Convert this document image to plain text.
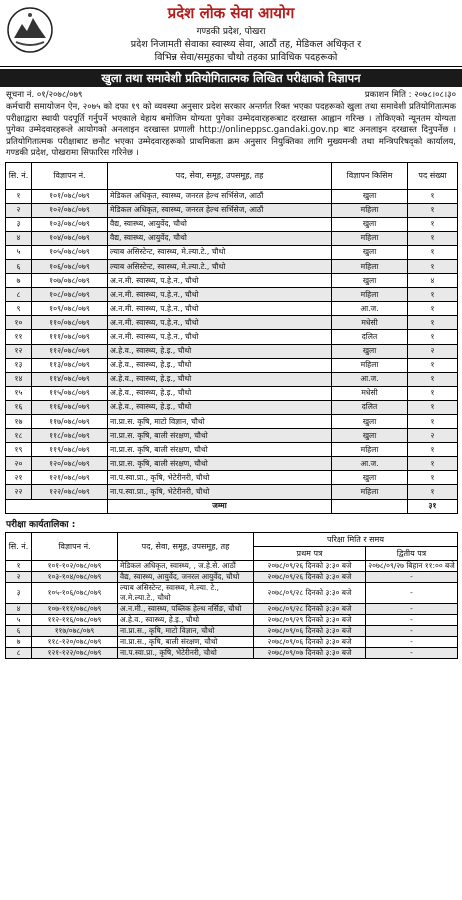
प्रदेश लोक सेवा आयोग
गण्डकी प्रदेश, पोखरा
प्रदेश निजामती सेवाका स्वास्थ्य सेवा, आठौं तह, मेडिकल अधिकृत र
विभिन्न सेवा/समूहका चौथो तहका प्राविधिक पदहरूको
खुला तथा समावेशी प्रतियोगितात्मक लिखित परीक्षाको विज्ञापन
सूचना नं. ०१/२०७८/०७९	प्रकाशन मिति : २०७८।०८।३०
कर्मचारी समायोजन ऐन, २०७५ को दफा १९ को व्यवस्था अनुसार प्रदेश सरकार अन्तर्गत रिक्त भएका पदहरूको खुला तथा समावेशी प्रतियोगितात्मक परीक्षाद्वारा स्थायी पदपूर्ति गर्नुपर्ने भएकाले वेहाय बमोजिम योग्यता पुगेका उम्मेदवारहरूबाट दरखास्त आह्वान गरिन्छ । तोकिएको न्यूनतम योग्यता पुगेका उम्मेदवारहरूले आयोगको अनलाइन दरखास्त प्रणाली http://onlineppsc.gandaki.gov.np बाट अनलाइन दरखास्त दिनुपर्नेछ । प्रतियोगितात्मक परीक्षाबाट छनौट भएका उम्मेदवारहरूको प्राथमिकता क्रम अनुसार नियुक्तिका लागि मुख्यमन्त्री तथा मन्त्रिपरिषद्को कार्यालय, गण्डकी प्रदेश, पोखरामा सिफारिस गरिनेछ ।
सि. नं.	विज्ञापन नं.	पद, सेवा, समूह, उपसमूह, तह	विज्ञापन किसिम	पद संख्या
१	१०१/०७८/०७९	मेडिकल अधिकृत, स्वास्थ्य, जनरल हेल्थ सर्भिसेज, आठौं	खुला	१
२	१०२/०७८/०७९	मेडिकल अधिकृत, स्वास्थ्य, जनरल हेल्थ सर्भिसेज, आठौं	महिला	१
३	१०३/०७८/०७९	वैद्य, स्वास्थ्य, आयुर्वेद, चौथो	खुला	१
४	१०४/०७८/०७९	वैद्य, स्वास्थ्य, आयुर्वेद, चौथो	महिला	१
५	१०५/०७८/०७९	ल्याब असिस्टेन्ट, स्वास्थ्य, मे.ल्या.टे., चौथो	खुला	१
६	१०६/०७८/०७९	ल्याब असिस्टेन्ट, स्वास्थ्य, मे.ल्या.टे., चौथो	महिला	१
७	१०७/०७८/०७९	अ.न.मी. स्वास्थ्य, प.हे.न., चौथो	खुला	४
८	१०८/०७८/०७९	अ.न.मी. स्वास्थ्य, प.हे.न., चौथो	महिला	१
९	१०९/०७८/०७९	अ.न.मी. स्वास्थ्य, प.हे.न., चौथो	आ.ज.	१
१०	११०/०७८/०७९	अ.न.मी. स्वास्थ्य, प.हे.न., चौथो	मधेसी	१
११	१११/०७८/०७९	अ.न.मी. स्वास्थ्य, प.हे.न., चौथो	दलित	१
१२	११२/०७८/०७९	अ.हे.व., स्वास्थ्य, हे.इ., चौथो	खुला	२
१३	११३/०७८/०७९	अ.हे.व., स्वास्थ्य, हे.इ., चौथो	महिला	१
१४	११४/०७८/०७९	अ.हे.व., स्वास्थ्य, हे.इ., चौथो	आ.ज.	१
१५	११५/०७८/०७९	अ.हे.व., स्वास्थ्य, हे.इ., चौथो	मधेसी	१
१६	११६/०७८/०७९	अ.हे.व., स्वास्थ्य, हे.इ., चौथो	दलित	१
१७	११७/०७८/०७९	ना.प्रा.स. कृषि, माटो विज्ञान, चौथो	खुला	१
१८	११८/०७८/०७९	ना.प्रा.स. कृषि, बाली संरक्षण, चौथो	खुला	२
१९	११९/०७८/०७९	ना.प्रा.स. कृषि, बाली संरक्षण, चौथो	महिला	१
२०	१२०/०७८/०७९	ना.प्रा.स. कृषि, बाली संरक्षण, चौथो	आ.ज.	१
२१	१२१/०७८/०७९	ना.प.स्वा.प्रा., कृषि, भेटेरीनरी, चौथो	खुला	१
२२	१२२/०७८/०७९	ना.प.स्वा.प्रा., कृषि, भेटेरीनरी, चौथो	महिला	१
		जम्मा		३१
परीक्षा कार्यतालिका :
सि. नं.	विज्ञापन नं.	पद, सेवा, समूह, उपसमूह, तह	परिक्षा मिति र समय	
			प्रथम पत्र	द्वितीय पत्र
१	१०१-१०२/०७८/०७९	मेडिकल अधिकृत, स्वास्थ्य, , ज.हे.से. आठौं	२०७८/०९/२६ दिनको ३:३० बजे	२०७८/०९/२७ बिहान ११:०० बजे
२	१०३-१०४/०७८/०७९	वैद्य, स्वास्थ्य, आयुर्वेद, जनरल आयुर्वेद, चौथो	२०७८/०९/२६ दिनको ३:३० बजे	-
३	१०५-१०६/०७८/०७९	ल्याब असिस्टेन्ट, स्वास्थ्य, मे.ल्या. टे., ज.मे.ल्या.टे., चौथो	२०७८/०९/२८ दिनको ३:३० बजे	-
४	१०७-१११/०७८/०७९	अ.न.मी., स्वास्थ्य, पब्लिक हेल्थ नर्सिङ, चौथो	२०७८/०९/२८ दिनको ३:३० बजे	-
५	११२-११६/०७८/०७९	अ.हे.व., स्वास्थ्य, हे.इ., चौथो	२०७८/०९/२९ दिनको ३:३० बजे	-
६	११७/०७८/०७९	ना.प्रा.स., कृषि, माटो विज्ञान, चौथो	२०७८/०९/०६ दिनको ३:३० बजे	-
७	११८-१२०/०७८/०७९	ना.प्रा.स., कृषि, बाली संरक्षण, चौथो	२०७८/०९/०६ दिनको ३:३० बजे	-
८	१२१-१२२/०७८/०७९	ना.प.स्वा.प्रा., कृषि, भेटेरीनरी, चौथो	२०७८/०९/०७ दिनको ३:३० बजे	-
